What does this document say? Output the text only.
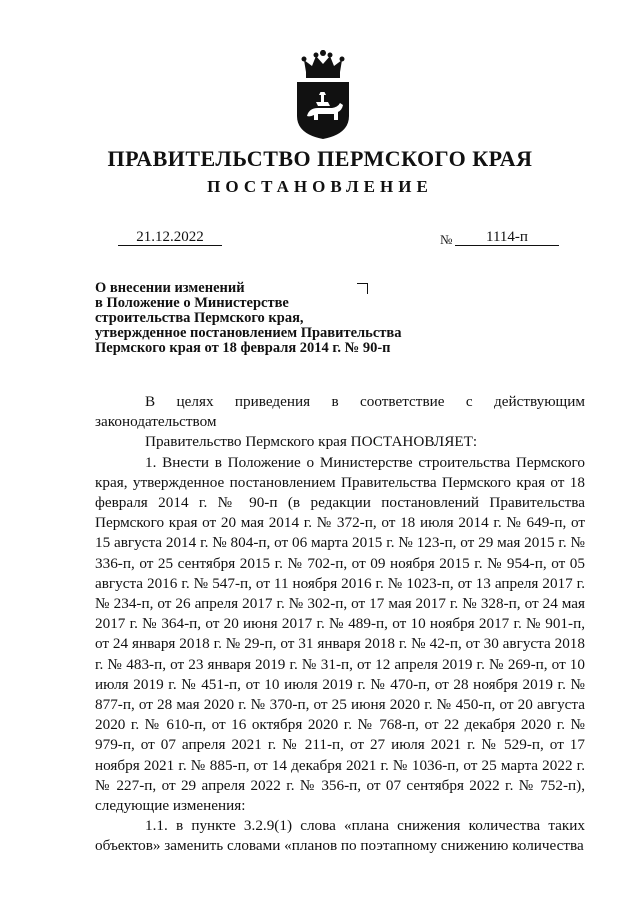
ПРАВИТЕЛЬСТВО ПЕРМСКОГО КРАЯ
ПОСТАНОВЛЕНИЕ
21.12.2022	№	1114-п
О внесении изменений
в Положение о Министерстве
строительства Пермского края,
утвержденное постановлением Правительства
Пермского края от 18 февраля 2014 г. № 90-п

В целях приведения в соответствие с действующим

законодательством

Правительство Пермского края ПОСТАНОВЛЯЕТ:

1. Внести в Положение о Министерстве строительства Пермского края, утвержденное постановлением Правительства Пермского края от 18 февраля 2014 г. № 90-п (в редакции постановлений Правительства Пермского края от 20 мая 2014 г. № 372-п, от 18 июля 2014 г. № 649-п, от 15 августа 2014 г. № 804-п, от 06 марта 2015 г. № 123-п, от 29 мая 2015 г. № 336-п, от 25 сентября 2015 г. № 702-п, от 09 ноября 2015 г. № 954-п, от 05 августа 2016 г. № 547-п, от 11 ноября 2016 г. № 1023-п, от 13 апреля 2017 г. № 234-п, от 26 апреля 2017 г. № 302-п, от 17 мая 2017 г. № 328-п, от 24 мая 2017 г. № 364-п, от 20 июня 2017 г. № 489-п, от 10 ноября 2017 г. № 901-п, от 24 января 2018 г. № 29-п, от 31 января 2018 г. № 42-п, от 30 августа 2018 г. № 483-п, от 23 января 2019 г. № 31-п, от 12 апреля 2019 г. № 269-п, от 10 июля 2019 г. № 451-п, от 10 июля 2019 г. № 470-п, от 28 ноября 2019 г. № 877-п, от 28 мая 2020 г. № 370-п, от 25 июня 2020 г. № 450-п, от 20 августа 2020 г. № 610-п, от 16 октября 2020 г. № 768-п, от 22 декабря 2020 г. № 979-п, от 07 апреля 2021 г. № 211-п, от 27 июля 2021 г. № 529-п, от 17 ноября 2021 г. № 885-п, от 14 декабря 2021 г. № 1036-п, от 25 марта 2022 г. № 227-п, от 29 апреля 2022 г. № 356-п, от 07 сентября 2022 г. № 752-п), следующие изменения:

1.1. в пункте 3.2.9(1) слова «плана снижения количества таких объектов» заменить словами «планов по поэтапному снижению количества
